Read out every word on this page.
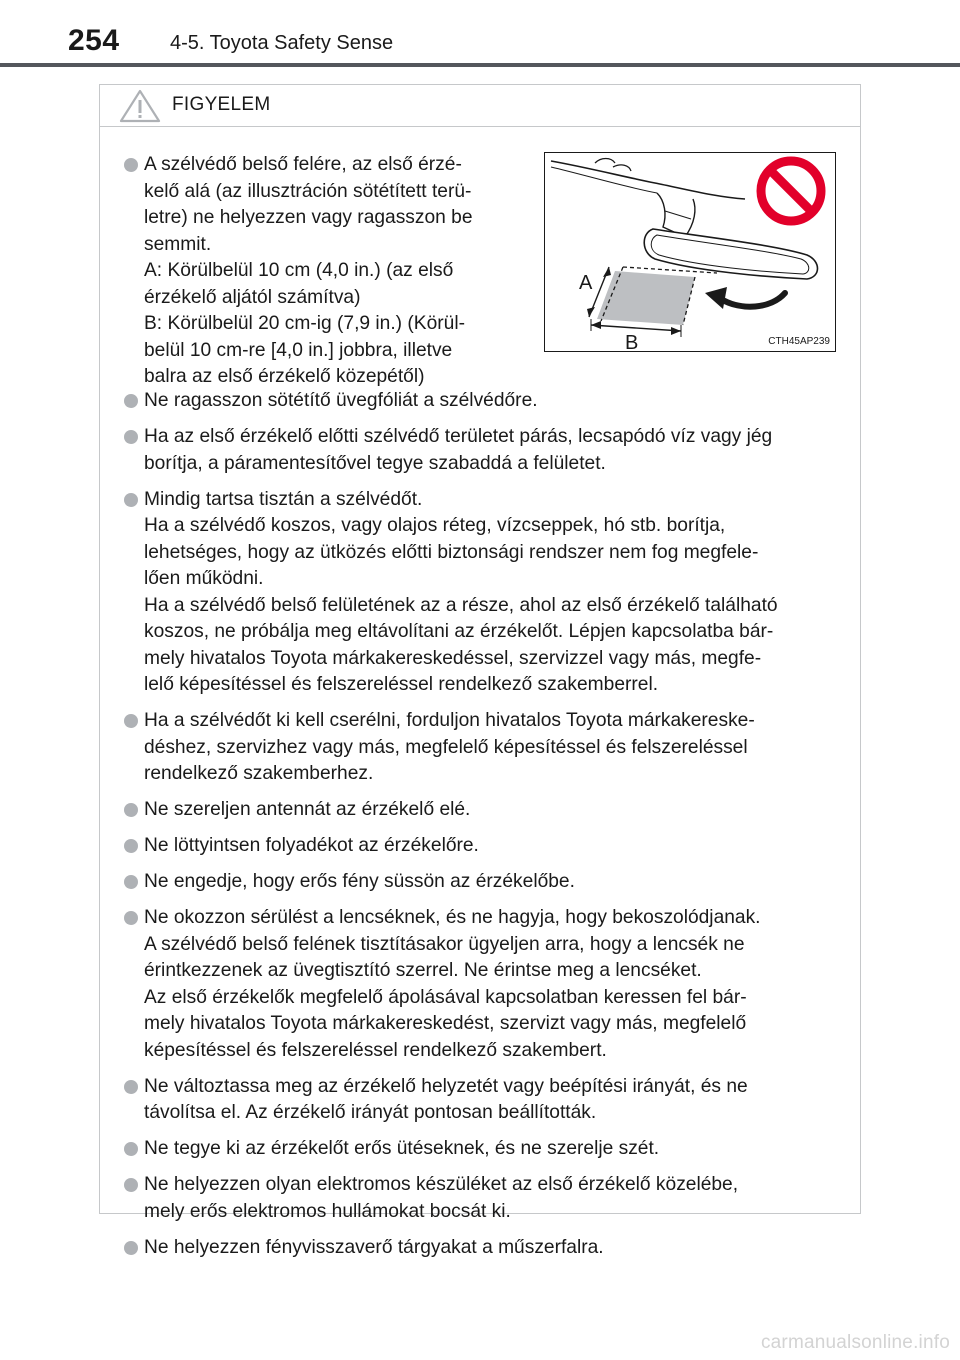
254	4-5. Toyota Safety Sense
FIGYELEM
A szélvédő belső felére, az első érzé-
kelő alá (az illusztráción sötétített terü-
letre) ne helyezzen vagy ragasszon be
semmit.
A: Körülbelül 10 cm (4,0 in.) (az első
érzékelő aljától számítva)
B: Körülbelül 20 cm-ig (7,9 in.) (Körül-
belül 10 cm-re [4,0 in.] jobbra, illetve
balra az első érzékelő közepétől)
A
B	CTH45AP239
Ne ragasszon sötétítő üvegfóliát a szélvédőre.
Ha az első érzékelő előtti szélvédő területet párás, lecsapódó víz vagy jég
borítja, a páramentesítővel tegye szabaddá a felületet.
Mindig tartsa tisztán a szélvédőt.
Ha a szélvédő koszos, vagy olajos réteg, vízcseppek, hó stb. borítja,
lehetséges, hogy az ütközés előtti biztonsági rendszer nem fog megfele-
lően működni.
Ha a szélvédő belső felületének az a része, ahol az első érzékelő található
koszos, ne próbálja meg eltávolítani az érzékelőt. Lépjen kapcsolatba bár-
mely hivatalos Toyota márkakereskedéssel, szervizzel vagy más, megfe-
lelő képesítéssel és felszereléssel rendelkező szakemberrel.
Ha a szélvédőt ki kell cserélni, forduljon hivatalos Toyota márkakereske-
déshez, szervizhez vagy más, megfelelő képesítéssel és felszereléssel
rendelkező szakemberhez.
Ne szereljen antennát az érzékelő elé.
Ne löttyintsen folyadékot az érzékelőre.
Ne engedje, hogy erős fény süssön az érzékelőbe.
Ne okozzon sérülést a lencséknek, és ne hagyja, hogy bekoszolódjanak.
A szélvédő belső felének tisztításakor ügyeljen arra, hogy a lencsék ne
érintkezzenek az üvegtisztító szerrel. Ne érintse meg a lencséket.
Az első érzékelők megfelelő ápolásával kapcsolatban keressen fel bár-
mely hivatalos Toyota márkakereskedést, szervizt vagy más, megfelelő
képesítéssel és felszereléssel rendelkező szakembert.
Ne változtassa meg az érzékelő helyzetét vagy beépítési irányát, és ne
távolítsa el. Az érzékelő irányát pontosan beállították.
Ne tegye ki az érzékelőt erős ütéseknek, és ne szerelje szét.
Ne helyezzen olyan elektromos készüléket az első érzékelő közelébe,
mely erős elektromos hullámokat bocsát ki.
Ne helyezzen fényvisszaverő tárgyakat a műszerfalra.
carmanualsonline.info
